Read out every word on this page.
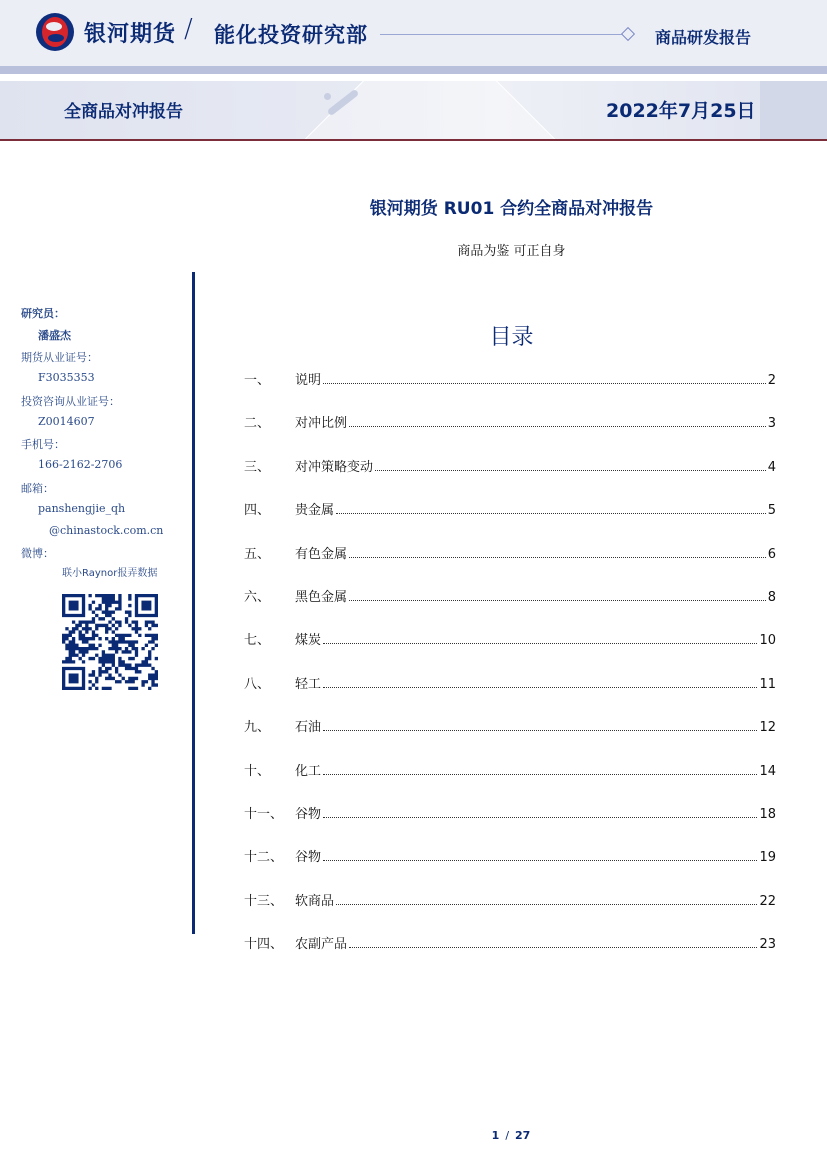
银河期货 / 能化投资研究部	商品研发报告
全商品对冲报告	2022年7月25日
银河期货 RU01 合约全商品对冲报告
商品为鉴 可正自身
研究员：
潘盛杰
期货从业证号：
F3035353
投资咨询从业证号：
Z0014607
手机号：
166-2162-2706
邮箱：
panshengjie_qh
@chinastock.com.cn
微博：
联小Raynor报弄数据
目录
一、	说明	2
二、	对冲比例	3
三、	对冲策略变动	4
四、	贵金属	5
五、	有色金属	6
六、	黑色金属	8
七、	煤炭	10
八、	轻工	11
九、	石油	12
十、	化工	14
十一、 谷物	18
十二、 谷物	19
十三、 软商品	22
十四、 农副产品	23
1 / 27
